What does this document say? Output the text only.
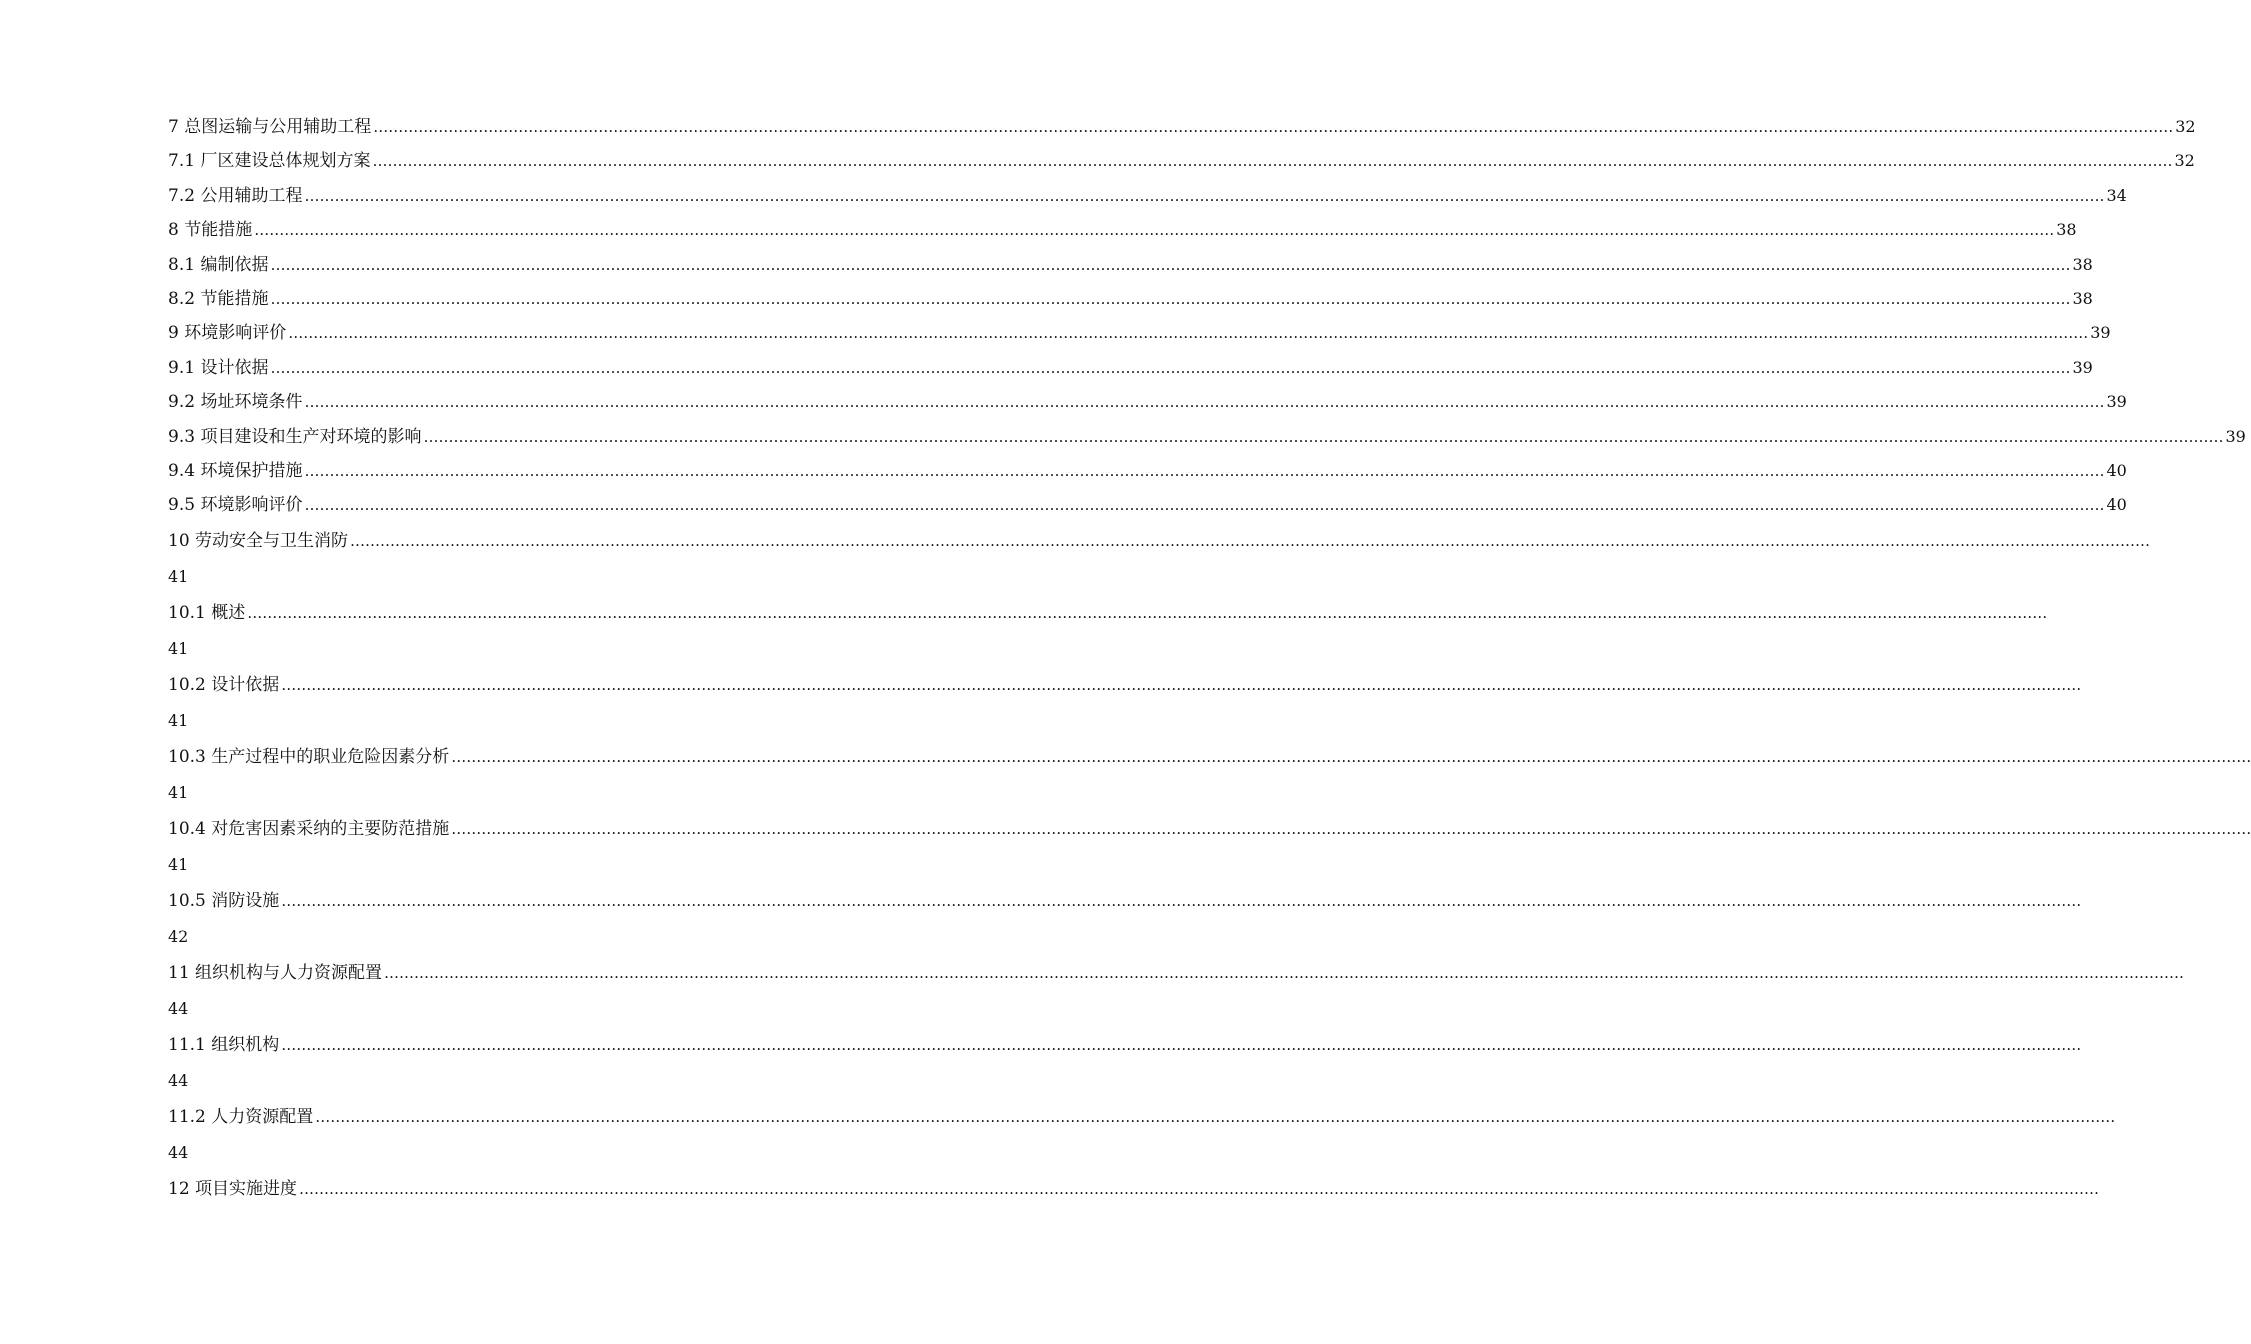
7 总图运输与公用辅助工程 ……………………………………………………………………………………………………………………………………………………………………………………………………………………………………………………………………………………………………………………………… 32
7.1 厂区建设总体规划方案 ……………………………………………………………………………………………………………………………………………………………………………………………………………………………………………………………………………………………………………………………… 32
7.2 公用辅助工程 ……………………………………………………………………………………………………………………………………………………………………………………………………………………………………………………………………………………………………………………………… 34
8 节能措施 ……………………………………………………………………………………………………………………………………………………………………………………………………………………………………………………………………………………………………………………………… 38
8.1 编制依据 ……………………………………………………………………………………………………………………………………………………………………………………………………………………………………………………………………………………………………………………………… 38
8.2 节能措施 ……………………………………………………………………………………………………………………………………………………………………………………………………………………………………………………………………………………………………………………………… 38
9 环境影响评价 ……………………………………………………………………………………………………………………………………………………………………………………………………………………………………………………………………………………………………………………………… 39
9.1 设计依据 ……………………………………………………………………………………………………………………………………………………………………………………………………………………………………………………………………………………………………………………………… 39
9.2 场址环境条件 ……………………………………………………………………………………………………………………………………………………………………………………………………………………………………………………………………………………………………………………………… 39
9.3 项目建设和生产对环境的影响 ……………………………………………………………………………………………………………………………………………………………………………………………………………………………………………………………………………………………………………………………… 39
9.4 环境保护措施 ……………………………………………………………………………………………………………………………………………………………………………………………………………………………………………………………………………………………………………………………… 40
9.5 环境影响评价 ……………………………………………………………………………………………………………………………………………………………………………………………………………………………………………………………………………………………………………………………… 40
10 劳动安全与卫生消防 ………………………………………………………………………………………………………………………………………………………………………………………………………………………………………………………………………………………………………………………………
41
10.1 概述 ………………………………………………………………………………………………………………………………………………………………………………………………………………………………………………………………………………………………………………………………
41
10.2 设计依据 ………………………………………………………………………………………………………………………………………………………………………………………………………………………………………………………………………………………………………………………………
41
10.3 生产过程中的职业危险因素分析 ………………………………………………………………………………………………………………………………………………………………………………………………………………………………………………………………………………………………………………………………
41
10.4 对危害因素采纳的主要防范措施 ………………………………………………………………………………………………………………………………………………………………………………………………………………………………………………………………………………………………………………………………
41
10.5 消防设施 ………………………………………………………………………………………………………………………………………………………………………………………………………………………………………………………………………………………………………………………………
42
11 组织机构与人力资源配置 ………………………………………………………………………………………………………………………………………………………………………………………………………………………………………………………………………………………………………………………………
44
11.1 组织机构 ………………………………………………………………………………………………………………………………………………………………………………………………………………………………………………………………………………………………………………………………
44
11.2 人力资源配置 ………………………………………………………………………………………………………………………………………………………………………………………………………………………………………………………………………………………………………………………………
44
12 项目实施进度 ………………………………………………………………………………………………………………………………………………………………………………………………………………………………………………………………………………………………………………………………
